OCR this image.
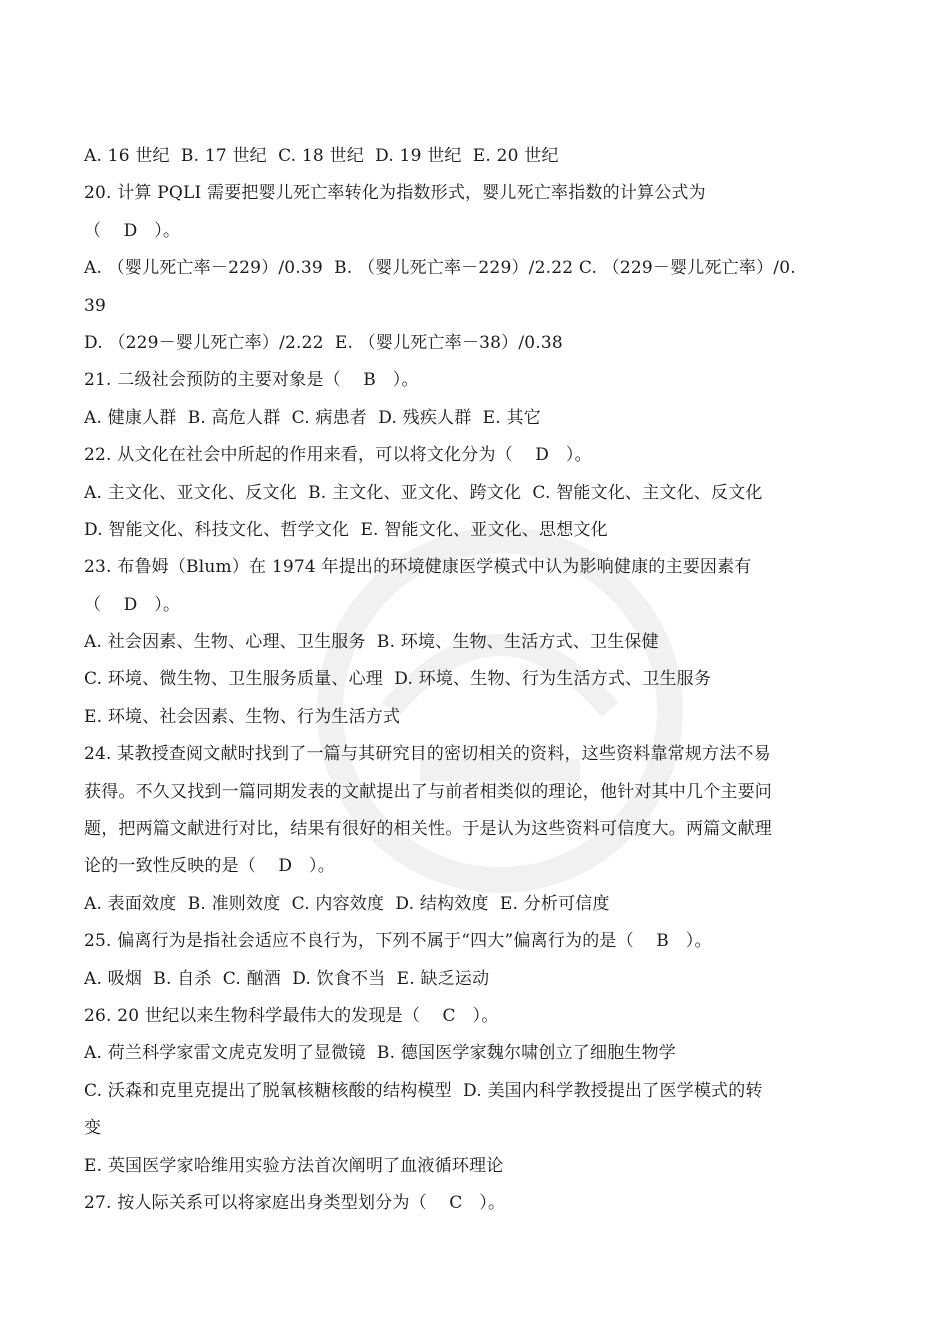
A. 16 世纪  B. 17 世纪  C. 18 世纪  D. 19 世纪  E. 20 世纪
20. 计算 PQLI 需要把婴儿死亡率转化为指数形式，婴儿死亡率指数的计算公式为
（    D   ）。
A. （婴儿死亡率－229）/0.39  B. （婴儿死亡率－229）/2.22 C. （229－婴儿死亡率）/0.
39
D. （229－婴儿死亡率）/2.22  E. （婴儿死亡率－38）/0.38
21. 二级社会预防的主要对象是（    B   ）。
A. 健康人群  B. 高危人群  C. 病患者  D. 残疾人群  E. 其它
22. 从文化在社会中所起的作用来看，可以将文化分为（    D   ）。
A. 主文化、亚文化、反文化  B. 主文化、亚文化、跨文化  C. 智能文化、主文化、反文化
D. 智能文化、科技文化、哲学文化  E. 智能文化、亚文化、思想文化
23. 布鲁姆（Blum）在 1974 年提出的环境健康医学模式中认为影响健康的主要因素有
（    D   ）。
A. 社会因素、生物、心理、卫生服务  B. 环境、生物、生活方式、卫生保健
C. 环境、微生物、卫生服务质量、心理  D. 环境、生物、行为生活方式、卫生服务
E. 环境、社会因素、生物、行为生活方式
24. 某教授查阅文献时找到了一篇与其研究目的密切相关的资料，这些资料靠常规方法不易
获得。不久又找到一篇同期发表的文献提出了与前者相类似的理论，他针对其中几个主要问
题，把两篇文献进行对比，结果有很好的相关性。于是认为这些资料可信度大。两篇文献理
论的一致性反映的是（    D   ）。
A. 表面效度  B. 准则效度  C. 内容效度  D. 结构效度  E. 分析可信度
25. 偏离行为是指社会适应不良行为，下列不属于“四大”偏离行为的是（    B   ）。
A. 吸烟  B. 自杀  C. 酗酒  D. 饮食不当  E. 缺乏运动
26. 20 世纪以来生物科学最伟大的发现是（    C   ）。
A. 荷兰科学家雷文虎克发明了显微镜  B. 德国医学家魏尔啸创立了细胞生物学
C. 沃森和克里克提出了脱氧核糖核酸的结构模型  D. 美国内科学教授提出了医学模式的转
变
E. 英国医学家哈维用实验方法首次阐明了血液循环理论
27. 按人际关系可以将家庭出身类型划分为（    C   ）。
